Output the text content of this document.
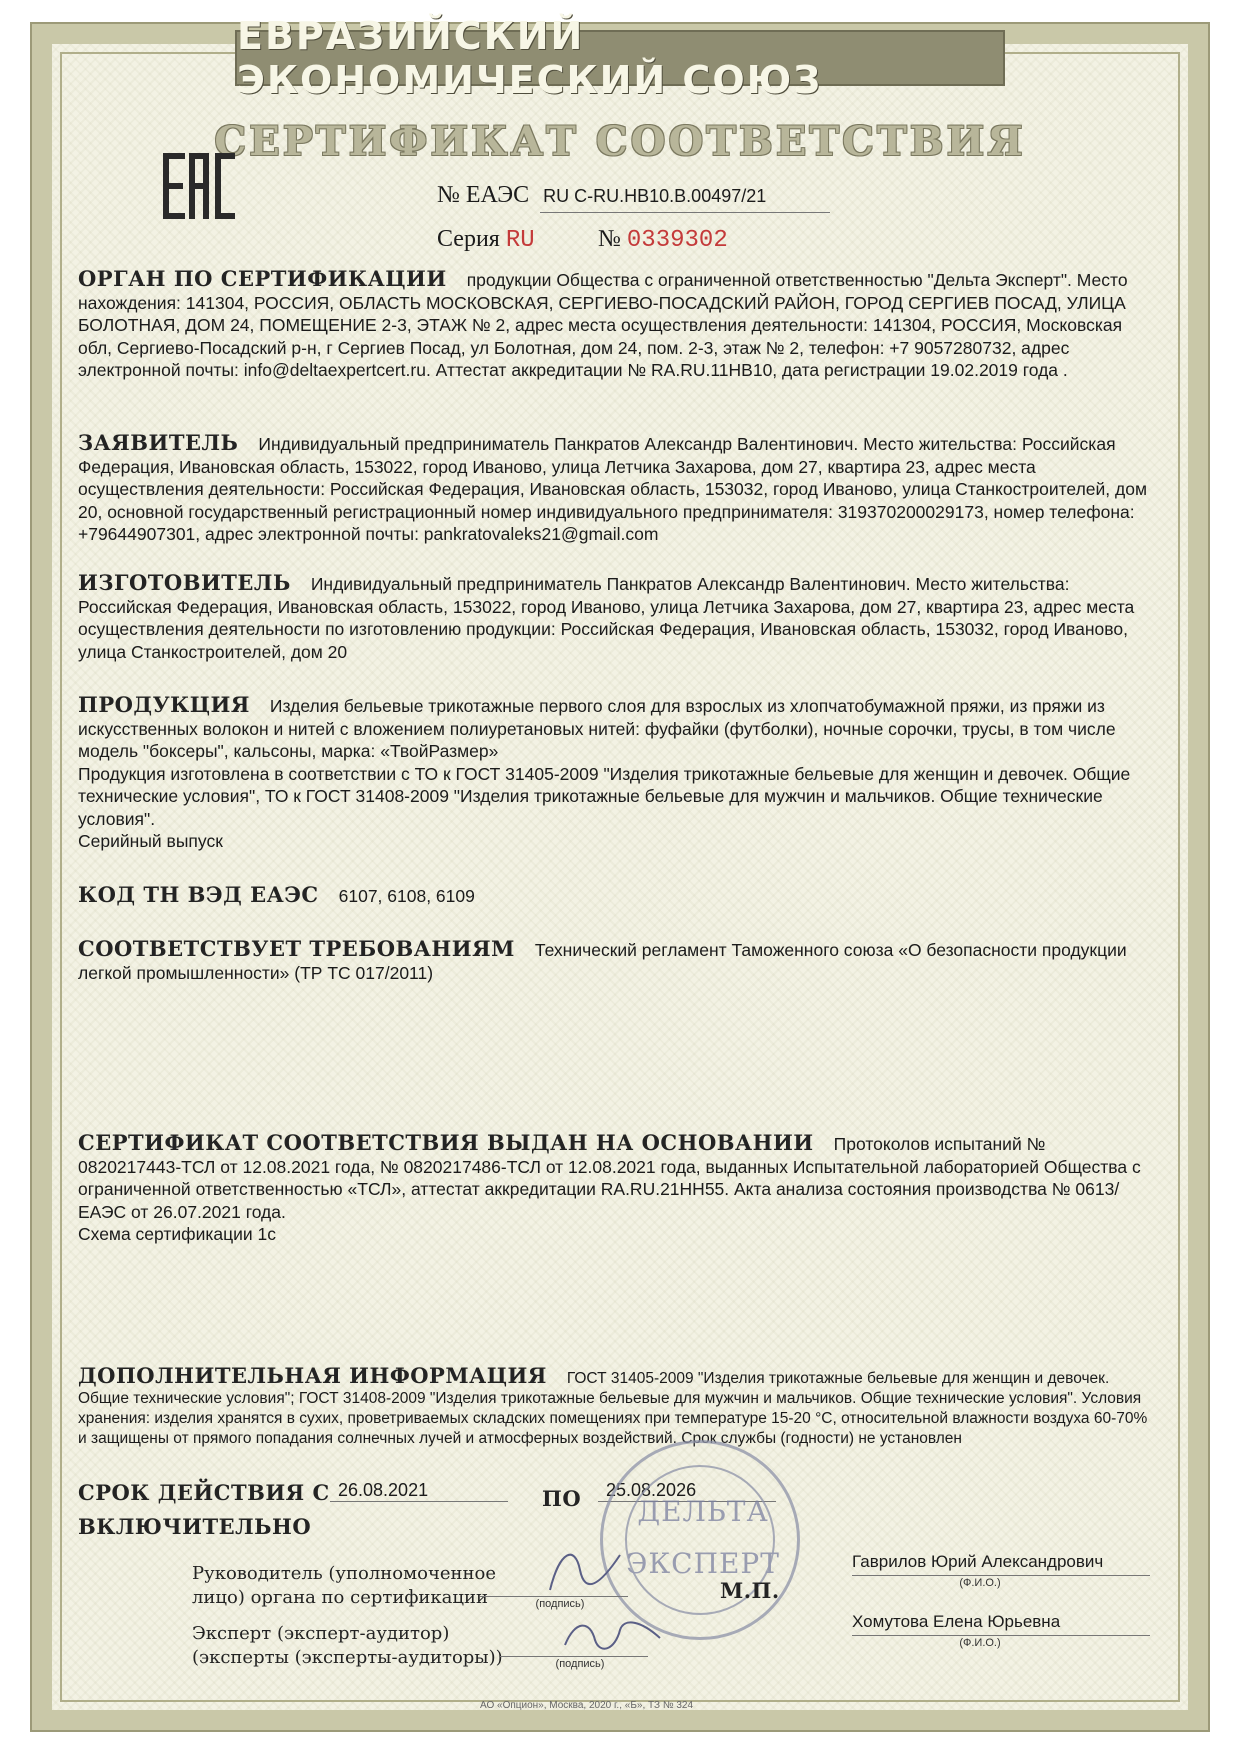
ЕВРАЗИЙСКИЙ ЭКОНОМИЧЕСКИЙ СОЮЗ
СЕРТИФИКАТ СООТВЕТСТВИЯ
№ ЕАЭС RU C-RU.НВ10.В.00497/21
Серия RU	№ 0339302
ОРГАН ПО СЕРТИФИКАЦИИ продукции Общества с ограниченной ответственностью "Дельта Эксперт". Место нахождения: 141304, РОССИЯ, ОБЛАСТЬ МОСКОВСКАЯ, СЕРГИЕВО-ПОСАДСКИЙ РАЙОН, ГОРОД СЕРГИЕВ ПОСАД, УЛИЦА БОЛОТНАЯ, ДОМ 24, ПОМЕЩЕНИЕ 2-3, ЭТАЖ № 2, адрес места осуществления деятельности: 141304, РОССИЯ, Московская обл, Сергиево-Посадский р-н, г Сергиев Посад, ул Болотная, дом 24, пом. 2-3, этаж № 2, телефон: +7 9057280732, адрес электронной почты: info@deltaexpertcert.ru. Аттестат аккредитации № RA.RU.11НВ10, дата регистрации 19.02.2019 года .
ЗАЯВИТЕЛЬ Индивидуальный предприниматель Панкратов Александр Валентинович. Место жительства: Российская Федерация, Ивановская область, 153022, город Иваново, улица Летчика Захарова, дом 27, квартира 23, адрес места осуществления деятельности: Российская Федерация, Ивановская область, 153032, город Иваново, улица Станкостроителей, дом 20, основной государственный регистрационный номер индивидуального предпринимателя: 319370200029173, номер телефона: +79644907301, адрес электронной почты: pankratovaleks21@gmail.com
ИЗГОТОВИТЕЛЬ Индивидуальный предприниматель Панкратов Александр Валентинович. Место жительства: Российская Федерация, Ивановская область, 153022, город Иваново, улица Летчика Захарова, дом 27, квартира 23, адрес места осуществления деятельности по изготовлению продукции: Российская Федерация, Ивановская область, 153032, город Иваново, улица Станкостроителей, дом 20
ПРОДУКЦИЯ Изделия бельевые трикотажные первого слоя для взрослых из хлопчатобумажной пряжи, из пряжи из искусственных волокон и нитей с вложением полиуретановых нитей: фуфайки (футболки), ночные сорочки, трусы, в том числе модель "боксеры", кальсоны, марка: «ТвойРазмер»
Продукция изготовлена в соответствии с ТО к ГОСТ 31405-2009 "Изделия трикотажные бельевые для женщин и девочек. Общие технические условия", ТО к ГОСТ 31408-2009 "Изделия трикотажные бельевые для мужчин и мальчиков. Общие технические условия".
Серийный выпуск
КОД ТН ВЭД ЕАЭС 6107, 6108, 6109
СООТВЕТСТВУЕТ ТРЕБОВАНИЯМ Технический регламент Таможенного союза «О безопасности продукции легкой промышленности» (ТР ТС 017/2011)
СЕРТИФИКАТ СООТВЕТСТВИЯ ВЫДАН НА ОСНОВАНИИ Протоколов испытаний № 0820217443-ТСЛ от 12.08.2021 года, № 0820217486-ТСЛ от 12.08.2021 года, выданных Испытательной лабораторией Общества с ограниченной ответственностью «ТСЛ», аттестат аккредитации RA.RU.21НН55. Акта анализа состояния производства № 0613/ЕАЭС от 26.07.2021 года.
Схема сертификации 1с
ДОПОЛНИТЕЛЬНАЯ ИНФОРМАЦИЯ ГОСТ 31405-2009 "Изделия трикотажные бельевые для женщин и девочек. Общие технические условия"; ГОСТ 31408-2009 "Изделия трикотажные бельевые для мужчин и мальчиков. Общие технические условия". Условия хранения: изделия хранятся в сухих, проветриваемых складских помещениях при температуре 15-20 °С, относительной влажности воздуха 60-70% и защищены от прямого попадания солнечных лучей и атмосферных воздействий. Срок службы (годности) не установлен
СРОК ДЕЙСТВИЯ С 26.08.2021	ПО	25.08.2026
ВКЛЮЧИТЕЛЬНО	ДЕЛЬТА
ЭКСПЕРТ
Руководитель (уполномоченное
лицо) органа по сертификации	(подпись)
М.П.
Гаврилов Юрий Александрович
(Ф.И.О.)
Эксперт (эксперт-аудитор)
(эксперты (эксперты-аудиторы))	(подпись)
Хомутова Елена Юрьевна
(Ф.И.О.)
АО «Опцион», Москва, 2020 г., «Б», ТЗ № 324
